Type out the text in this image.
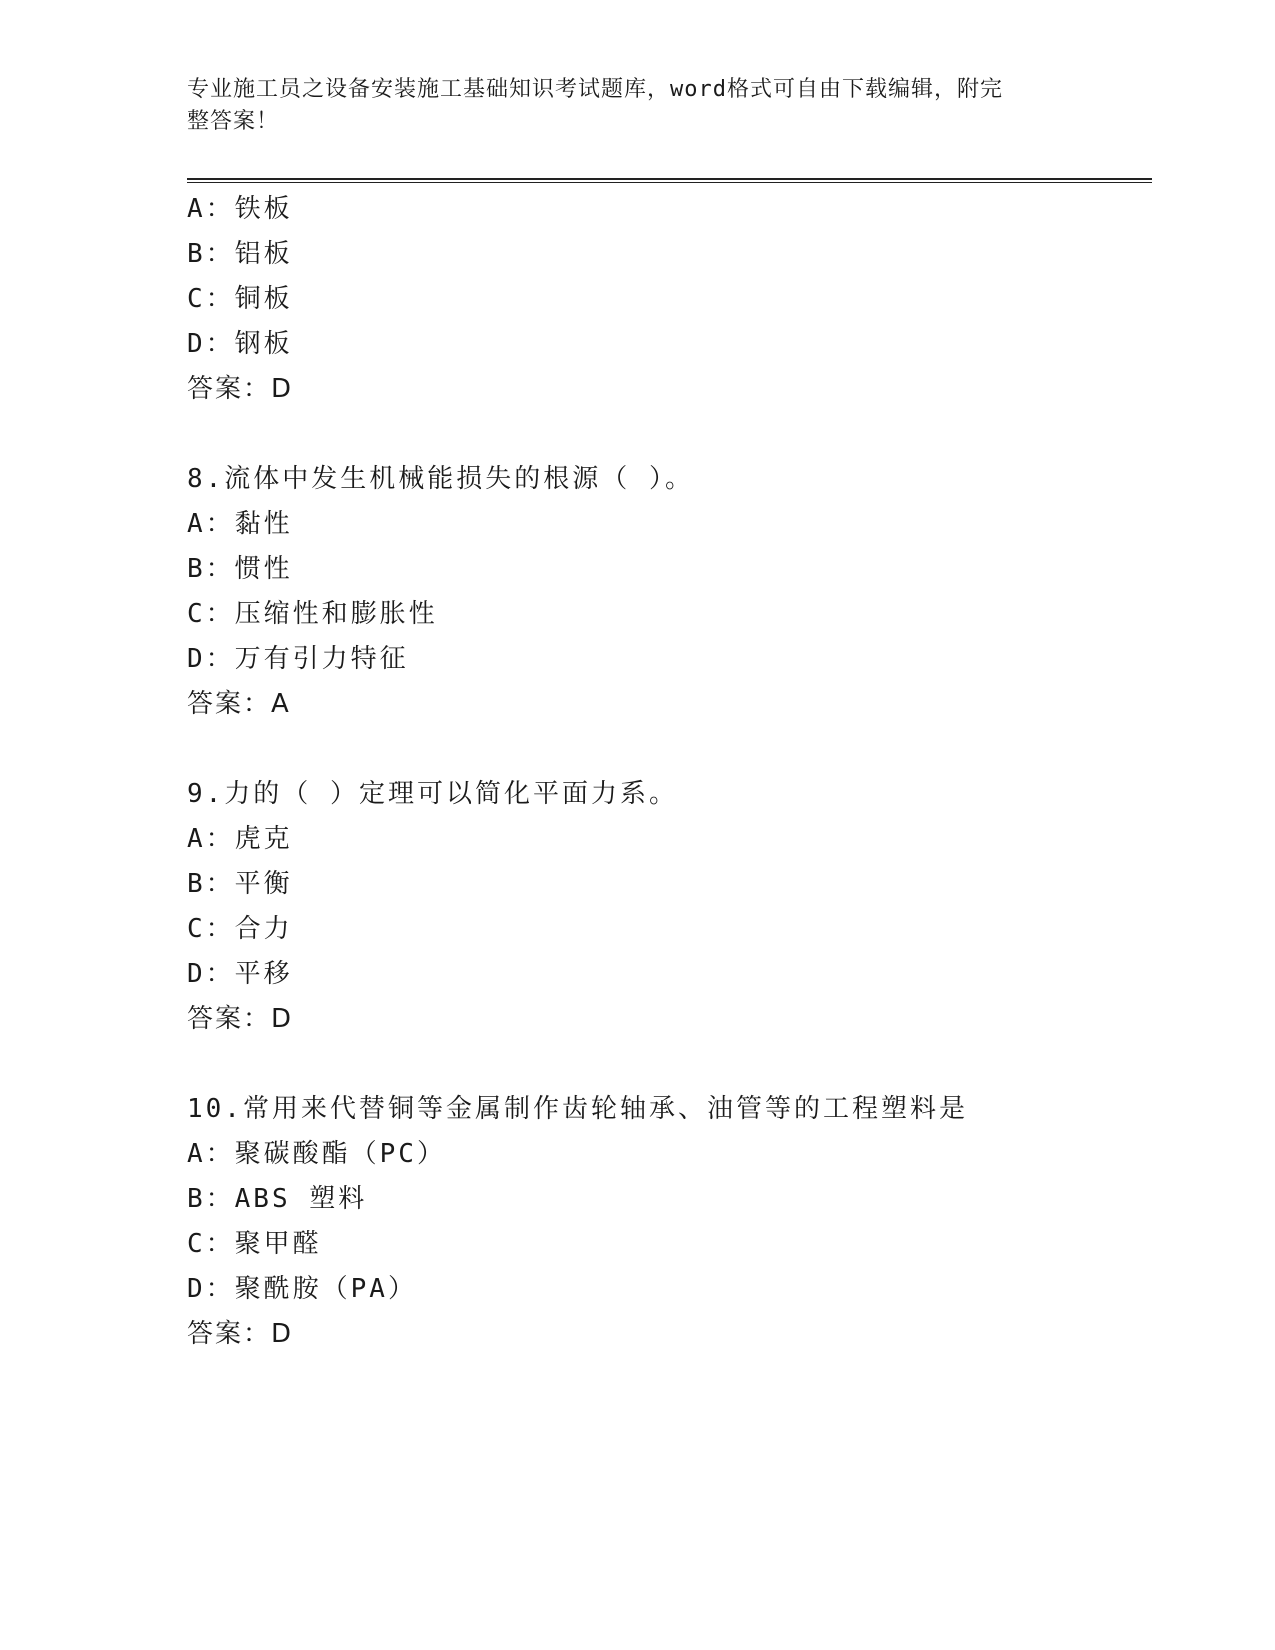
专业施工员之设备安装施工基础知识考试题库，word格式可自由下载编辑，附完
整答案！
A：铁板
B：铝板
C：铜板
D：钢板
答案：D
8.流体中发生机械能损失的根源（ ）。
A：黏性
B：惯性
C：压缩性和膨胀性
D：万有引力特征
答案：A
9.力的（ ）定理可以简化平面力系。
A：虎克
B：平衡
C：合力
D：平移
答案：D
10.常用来代替铜等金属制作齿轮轴承、油管等的工程塑料是
A：聚碳酸酯（PC）
B：ABS 塑料
C：聚甲醛
D：聚酰胺（PA）
答案：D
